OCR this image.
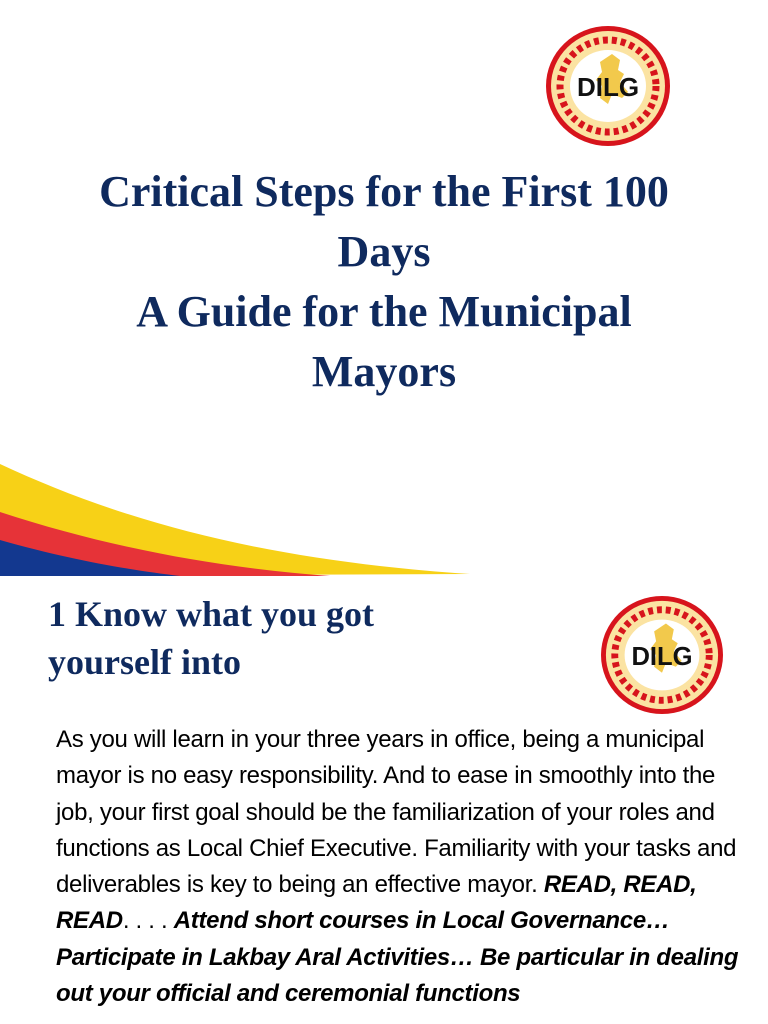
DILG
Critical Steps for the First 100
Days
A Guide for the Municipal
Mayors
1 Know what you got
yourself into	DILG

As you will learn in your three years in office, being a municipal mayor is no easy responsibility. And to ease in smoothly into the job, your first goal should be the familiarization of your roles and functions as Local Chief Executive. Familiarity with your tasks and deliverables is key to being an effective mayor. READ, READ, READ. . . . Attend short courses in Local Governance… Participate in Lakbay Aral Activities… Be particular in dealing out your official and ceremonial functions
